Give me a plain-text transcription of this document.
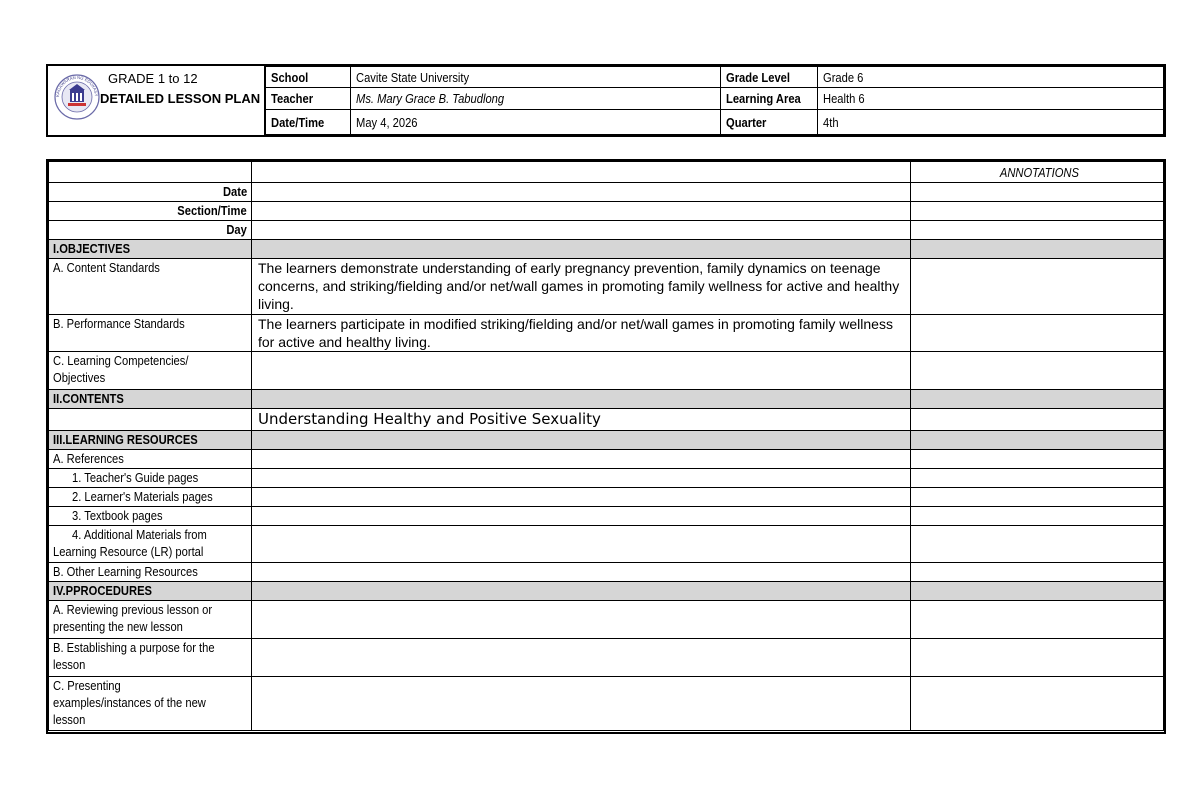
KAGAWARAN NG EDUKASY
GRADE 1 to 12
DETAILED LESSON PLAN	School	Cavite State University	Grade Level	Grade 6
	Teacher	Ms. Mary Grace B. Tabudlong	Learning Area	Health 6
	Date/Time	May 4, 2026	Quarter	4th
		ANNOTATIONS
Date		
Section/Time		
Day		
I.OBJECTIVES		
A. Content Standards	The learners demonstrate understanding of early pregnancy prevention, family dynamics on teenage concerns, and striking/fielding and/or net/wall games in promoting family wellness for active and healthy living.	
B. Performance Standards	The learners participate in modified striking/fielding and/or net/wall games in promoting family wellness for active and healthy living.	
C. Learning Competencies/
Objectives		
II.CONTENTS		
	Understanding Healthy and Positive Sexuality	
III.LEARNING RESOURCES		
A. References		
1. Teacher's Guide pages		
2. Learner's Materials pages		
3. Textbook pages		
4. Additional Materials from
Learning Resource (LR) portal		
B. Other Learning Resources		
IV.PPROCEDURES		
A. Reviewing previous lesson or
presenting the new lesson		
B. Establishing a purpose for the
lesson		
C. Presenting
examples/instances of the new
lesson		
